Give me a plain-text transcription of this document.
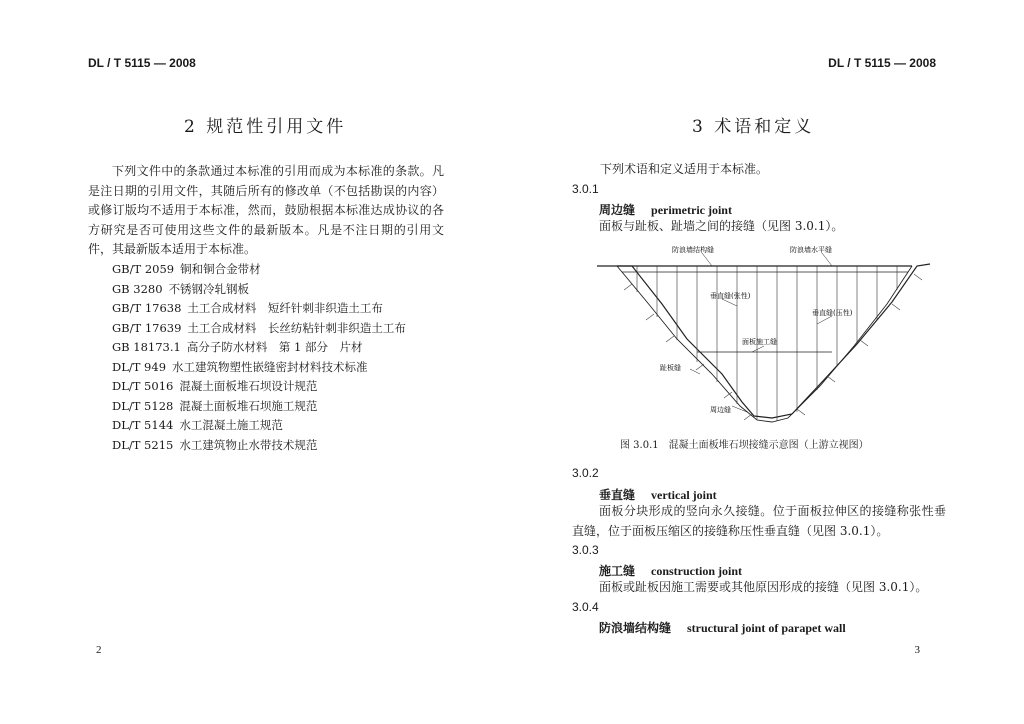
DL / T 5115 — 2008
2 规范性引用文件
下列文件中的条款通过本标准的引用而成为本标准的条款。凡是注日期的引用文件，其随后所有的修改单（不包括勘误的内容）或修订版均不适用于本标准，然而，鼓励根据本标准达成协议的各方研究是否可使用这些文件的最新版本。凡是不注日期的引用文件，其最新版本适用于本标准。
GB/T 2059 铜和铜合金带材
GB 3280 不锈钢冷轧钢板
GB/T 17638 土工合成材料　短纤针刺非织造土工布
GB/T 17639 土工合成材料　长丝纺粘针刺非织造土工布
GB 18173.1 高分子防水材料　第 1 部分　片材
DL/T 949 水工建筑物塑性嵌缝密封材料技术标准
DL/T 5016 混凝土面板堆石坝设计规范
DL/T 5128 混凝土面板堆石坝施工规范
DL/T 5144 水工混凝土施工规范
DL/T 5215 水工建筑物止水带技术规范
2
DL / T 5115 — 2008
3 术语和定义
下列术语和定义适用于本标准。
3.0.1
周边缝 perimetric joint
面板与趾板、趾墙之间的接缝（见图 3.0.1）。
防浪墙结构缝	防浪墙水平缝
垂直缝(张性)
垂直缝(压性)
面板施工缝
趾板缝
周边缝
图 3.0.1　混凝土面板堆石坝接缝示意图（上游立视图）
3.0.2
垂直缝 vertical joint
面板分块形成的竖向永久接缝。位于面板拉伸区的接缝称张性垂直缝，位于面板压缩区的接缝称压性垂直缝（见图 3.0.1）。
3.0.3
施工缝 construction joint
面板或趾板因施工需要或其他原因形成的接缝（见图 3.0.1）。
3.0.4
防浪墙结构缝 structural joint of parapet wall
3
